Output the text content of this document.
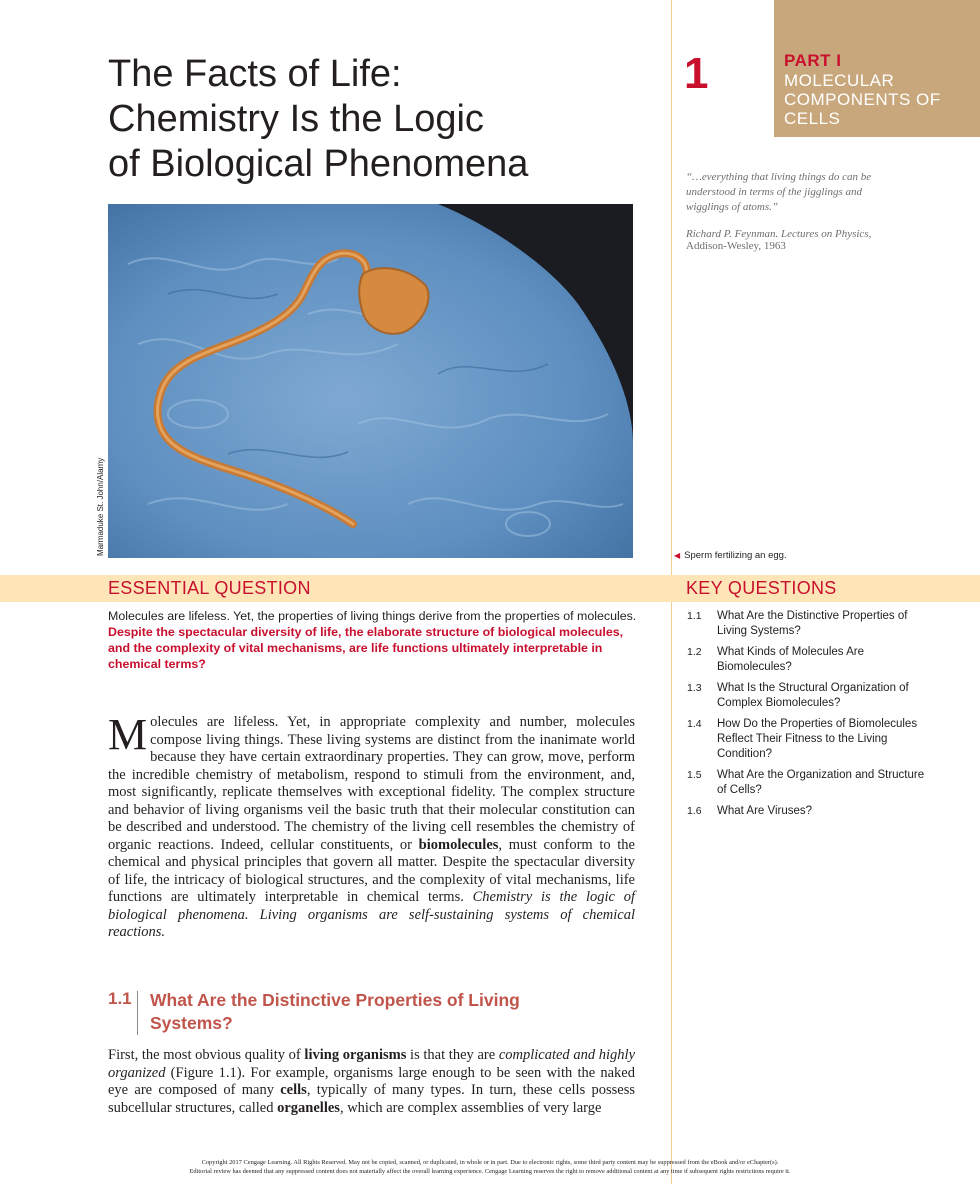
PART I
MOLECULAR COMPONENTS OF CELLS
1
The Facts of Life:
Chemistry Is the Logic
of Biological Phenomena
Marmaduke St. John/Alamy
“…everything that living things do can be understood in terms of the jigglings and wigglings of atoms.”
Richard P. Feynman. Lectures on Physics,
Addison-Wesley, 1963
◀ Sperm fertilizing an egg.
ESSENTIAL QUESTION	KEY QUESTIONS
Molecules are lifeless. Yet, the properties of living things derive from the properties of molecules. Despite the spectacular diversity of life, the elaborate structure of biological molecules, and the complexity of vital mechanisms, are life functions ultimately interpretable in chemical terms?
1.1	What Are the Distinctive Properties of Living Systems?
1.2	What Kinds of Molecules Are Biomolecules?
1.3	What Is the Structural Organization of Complex Biomolecules?
1.4	How Do the Properties of Biomolecules Reflect Their Fitness to the Living Condition?
1.5	What Are the Organization and Structure of Cells?
1.6	What Are Viruses?
Molecules are lifeless. Yet, in appropriate complexity and number, molecules compose living things. These living systems are distinct from the inanimate world because they have certain extraordinary properties. They can grow, move, perform the incredible chemistry of metabolism, respond to stimuli from the environment, and, most significantly, replicate themselves with exceptional fidelity. The complex structure and behavior of living organisms veil the basic truth that their molecular constitution can be described and understood. The chemistry of the living cell resembles the chemistry of organic reactions. Indeed, cellular constituents, or biomolecules, must conform to the chemical and physical principles that govern all matter. Despite the spectacular diversity of life, the intricacy of biological structures, and the complexity of vital mechanisms, life functions are ultimately interpretable in chemical terms. Chemistry is the logic of biological phenomena. Living organisms are self-sustaining systems of chemical reactions.
1.1 What Are the Distinctive Properties of Living Systems?
First, the most obvious quality of living organisms is that they are complicated and highly organized (Figure 1.1). For example, organisms large enough to be seen with the naked eye are composed of many cells, typically of many types. In turn, these cells possess subcellular structures, called organelles, which are complex assemblies of very large
Copyright 2017 Cengage Learning. All Rights Reserved. May not be copied, scanned, or duplicated, in whole or in part. Due to electronic rights, some third party content may be suppressed from the eBook and/or eChapter(s).
Editorial review has deemed that any suppressed content does not materially affect the overall learning experience. Cengage Learning reserves the right to remove additional content at any time if subsequent rights restrictions require it.
